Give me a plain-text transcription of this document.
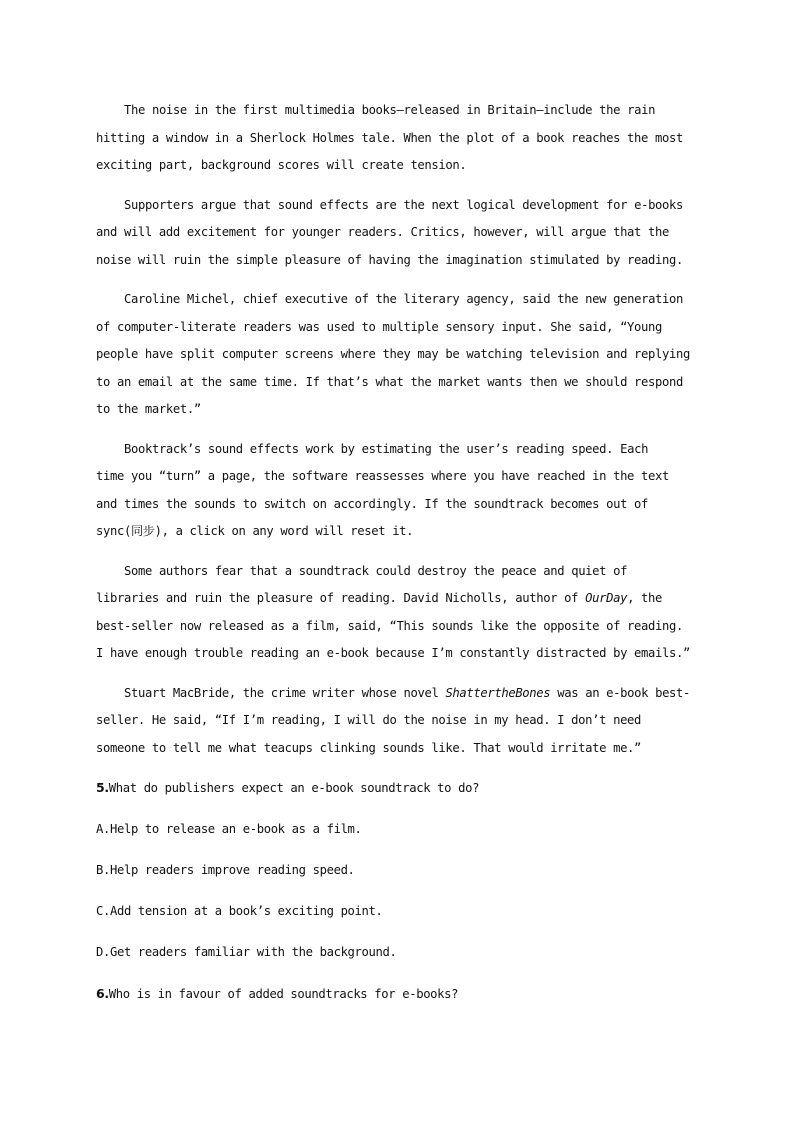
The noise in the first multimedia books—released in Britain—include the rain
hitting a window in a Sherlock Holmes tale. When the plot of a book reaches the most
exciting part, background scores will create tension.
Supporters argue that sound effects are the next logical development for e-books
and will add excitement for younger readers. Critics, however, will argue that the
noise will ruin the simple pleasure of having the imagination stimulated by reading.
Caroline Michel, chief executive of the literary agency, said the new generation
of computer-literate readers was used to multiple sensory input. She said, “Young
people have split computer screens where they may be watching television and replying
to an email at the same time. If that’s what the market wants then we should respond
to the market.”
Booktrack’s sound effects work by estimating the user’s reading speed. Each
time you “turn” a page, the software reassesses where you have reached in the text
and times the sounds to switch on accordingly. If the soundtrack becomes out of
sync(同步), a click on any word will reset it.
Some authors fear that a soundtrack could destroy the peace and quiet of
libraries and ruin the pleasure of reading. David Nicholls, author of OurDay, the
best-seller now released as a film, said, “This sounds like the opposite of reading.
I have enough trouble reading an e-book because I’m constantly distracted by emails.”
Stuart MacBride, the crime writer whose novel ShattertheBones was an e-book best-
seller. He said, “If I’m reading, I will do the noise in my head. I don’t need
someone to tell me what teacups clinking sounds like. That would irritate me.”
5.What do publishers expect an e-book soundtrack to do?
A.Help to release an e-book as a film.
B.Help readers improve reading speed.
C.Add tension at a book’s exciting point.
D.Get readers familiar with the background.
6.Who is in favour of added soundtracks for e-books?
